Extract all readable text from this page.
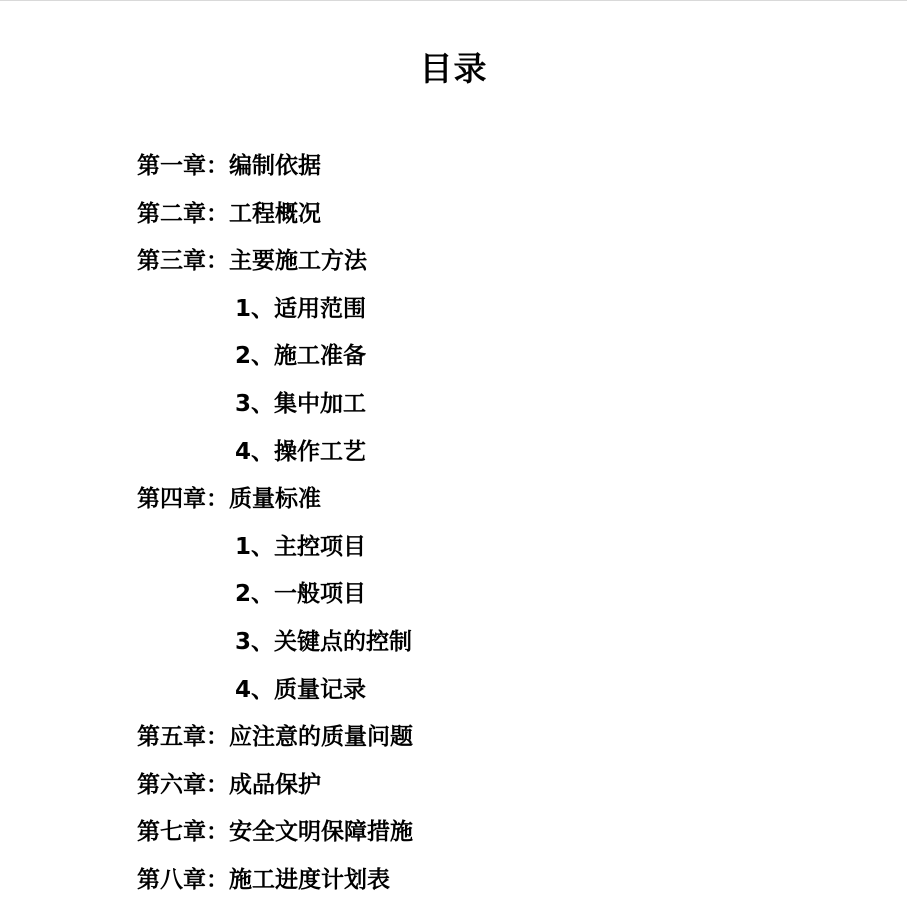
目录
第一章：编制依据
第二章：工程概况
第三章：主要施工方法
1、适用范围
2、施工准备
3、集中加工
4、操作工艺
第四章：质量标准
1、主控项目
2、一般项目
3、关键点的控制
4、质量记录
第五章：应注意的质量问题
第六章：成品保护
第七章：安全文明保障措施
第八章：施工进度计划表
